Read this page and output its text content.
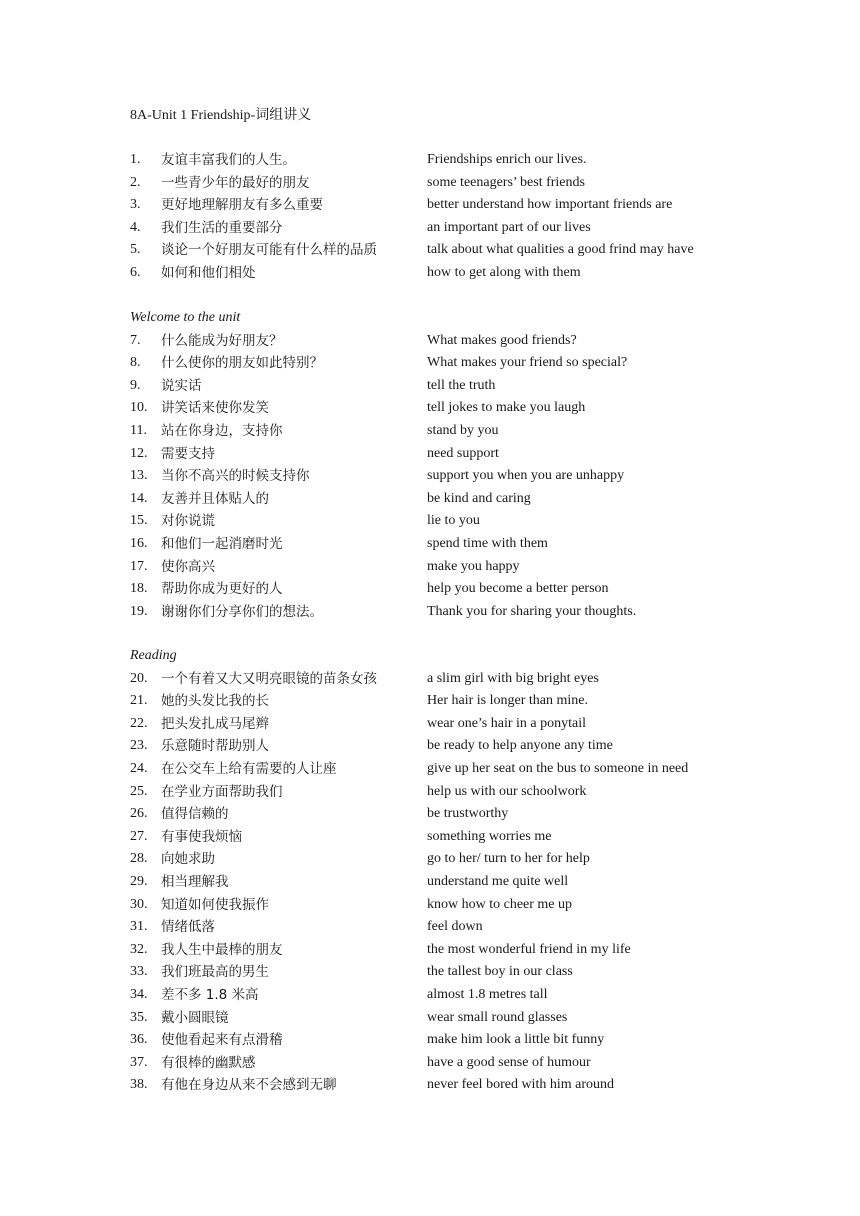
8A-Unit 1 Friendship-词组讲义
1.	友谊丰富我们的人生。	Friendships enrich our lives.
2.	一些青少年的最好的朋友	some teenagers’ best friends
3.	更好地理解朋友有多么重要	better understand how important friends are
4.	我们生活的重要部分	an important part of our lives
5.	谈论一个好朋友可能有什么样的品质	talk about what qualities a good frind may have
6.	如何和他们相处	how to get along with them
Welcome to the unit
7.	什么能成为好朋友？	What makes good friends?
8.	什么使你的朋友如此特别？	What makes your friend so special?
9.	说实话	tell the truth
10.	讲笑话来使你发笑	tell jokes to make you laugh
11.	站在你身边，支持你	stand by you
12.	需要支持	need support
13.	当你不高兴的时候支持你	support you when you are unhappy
14.	友善并且体贴人的	be kind and caring
15.	对你说谎	lie to you
16.	和他们一起消磨时光	spend time with them
17.	使你高兴	make you happy
18.	帮助你成为更好的人	help you become a better person
19.	谢谢你们分享你们的想法。	Thank you for sharing your thoughts.
Reading
20.	一个有着又大又明亮眼镜的苗条女孩	a slim girl with big bright eyes
21.	她的头发比我的长	Her hair is longer than mine.
22.	把头发扎成马尾辫	wear one’s hair in a ponytail
23.	乐意随时帮助别人	be ready to help anyone any time
24.	在公交车上给有需要的人让座	give up her seat on the bus to someone in need
25.	在学业方面帮助我们	help us with our schoolwork
26.	值得信赖的	be trustworthy
27.	有事使我烦恼	something worries me
28.	向她求助	go to her/ turn to her for help
29.	相当理解我	understand me quite well
30.	知道如何使我振作	know how to cheer me up
31.	情绪低落	feel down
32.	我人生中最棒的朋友	the most wonderful friend in my life
33.	我们班最高的男生	the tallest boy in our class
34.	差不多 1.8 米高	almost 1.8 metres tall
35.	戴小圆眼镜	wear small round glasses
36.	使他看起来有点滑稽	make him look a little bit funny
37.	有很棒的幽默感	have a good sense of humour
38.	有他在身边从来不会感到无聊	never feel bored with him around
